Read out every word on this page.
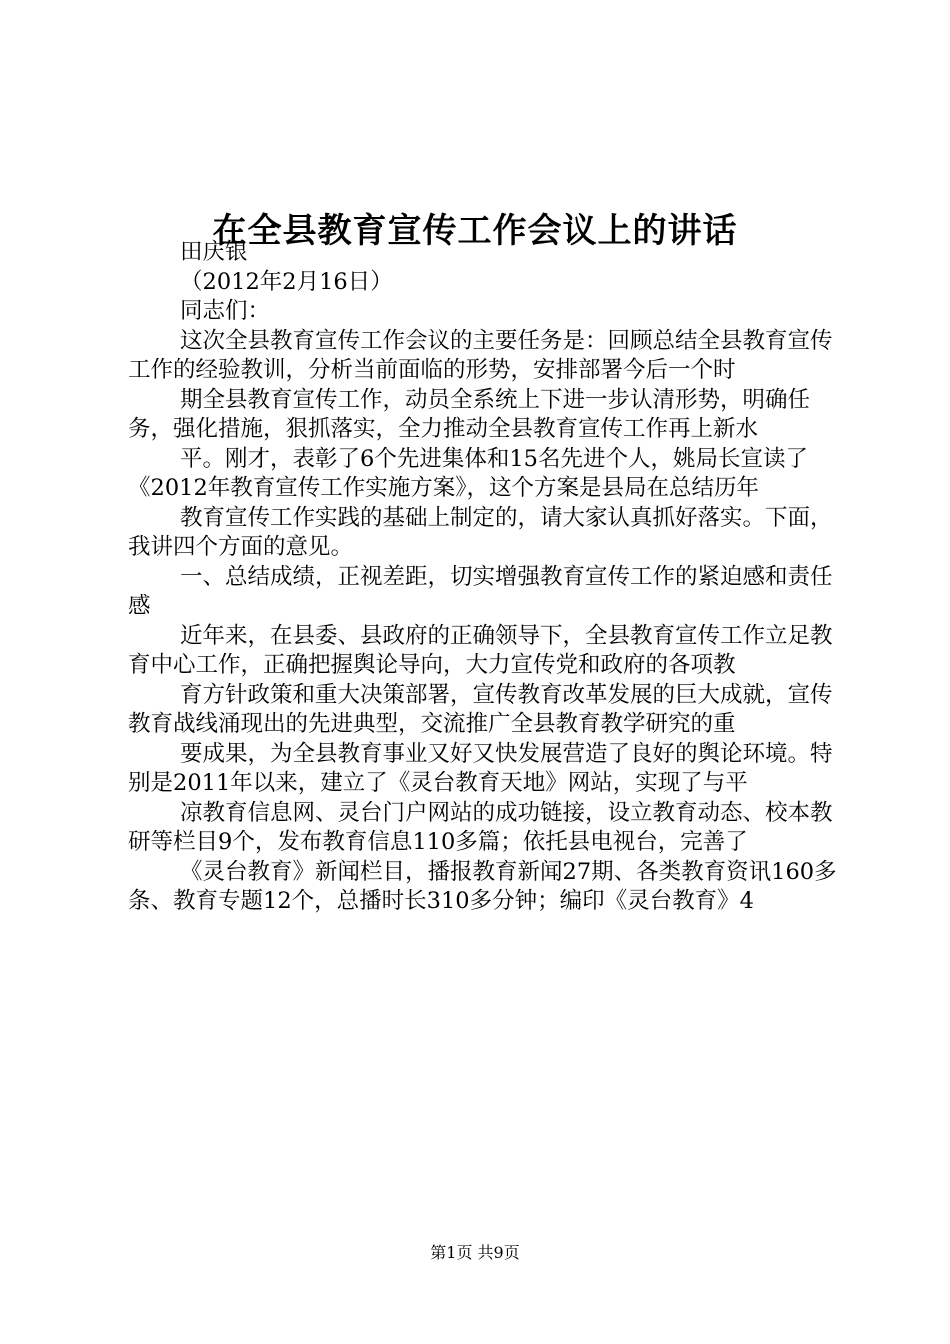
在全县教育宣传工作会议上的讲话

田庆银

（2012年2月16日）

同志们：

这次全县教育宣传工作会议的主要任务是：回顾总结全县教育宣传工作的经验教训，分析当前面临的形势，安排部署今后一个时

期全县教育宣传工作，动员全系统上下进一步认清形势，明确任务，强化措施，狠抓落实，全力推动全县教育宣传工作再上新水

平。刚才，表彰了6个先进集体和15名先进个人，姚局长宣读了《2012年教育宣传工作实施方案》，这个方案是县局在总结历年

教育宣传工作实践的基础上制定的，请大家认真抓好落实。下面，我讲四个方面的意见。

一、总结成绩，正视差距，切实增强教育宣传工作的紧迫感和责任感

近年来，在县委、县政府的正确领导下，全县教育宣传工作立足教育中心工作，正确把握舆论导向，大力宣传党和政府的各项教

育方针政策和重大决策部署，宣传教育改革发展的巨大成就，宣传教育战线涌现出的先进典型，交流推广全县教育教学研究的重

要成果，为全县教育事业又好又快发展营造了良好的舆论环境。特别是2011年以来，建立了《灵台教育天地》网站，实现了与平

凉教育信息网、灵台门户网站的成功链接，设立教育动态、校本教研等栏目9个，发布教育信息110多篇；依托县电视台，完善了

《灵台教育》新闻栏目，播报教育新闻27期、各类教育资讯160多条、教育专题12个，总播时长310多分钟；编印《灵台教育》4

第1页 共9页
